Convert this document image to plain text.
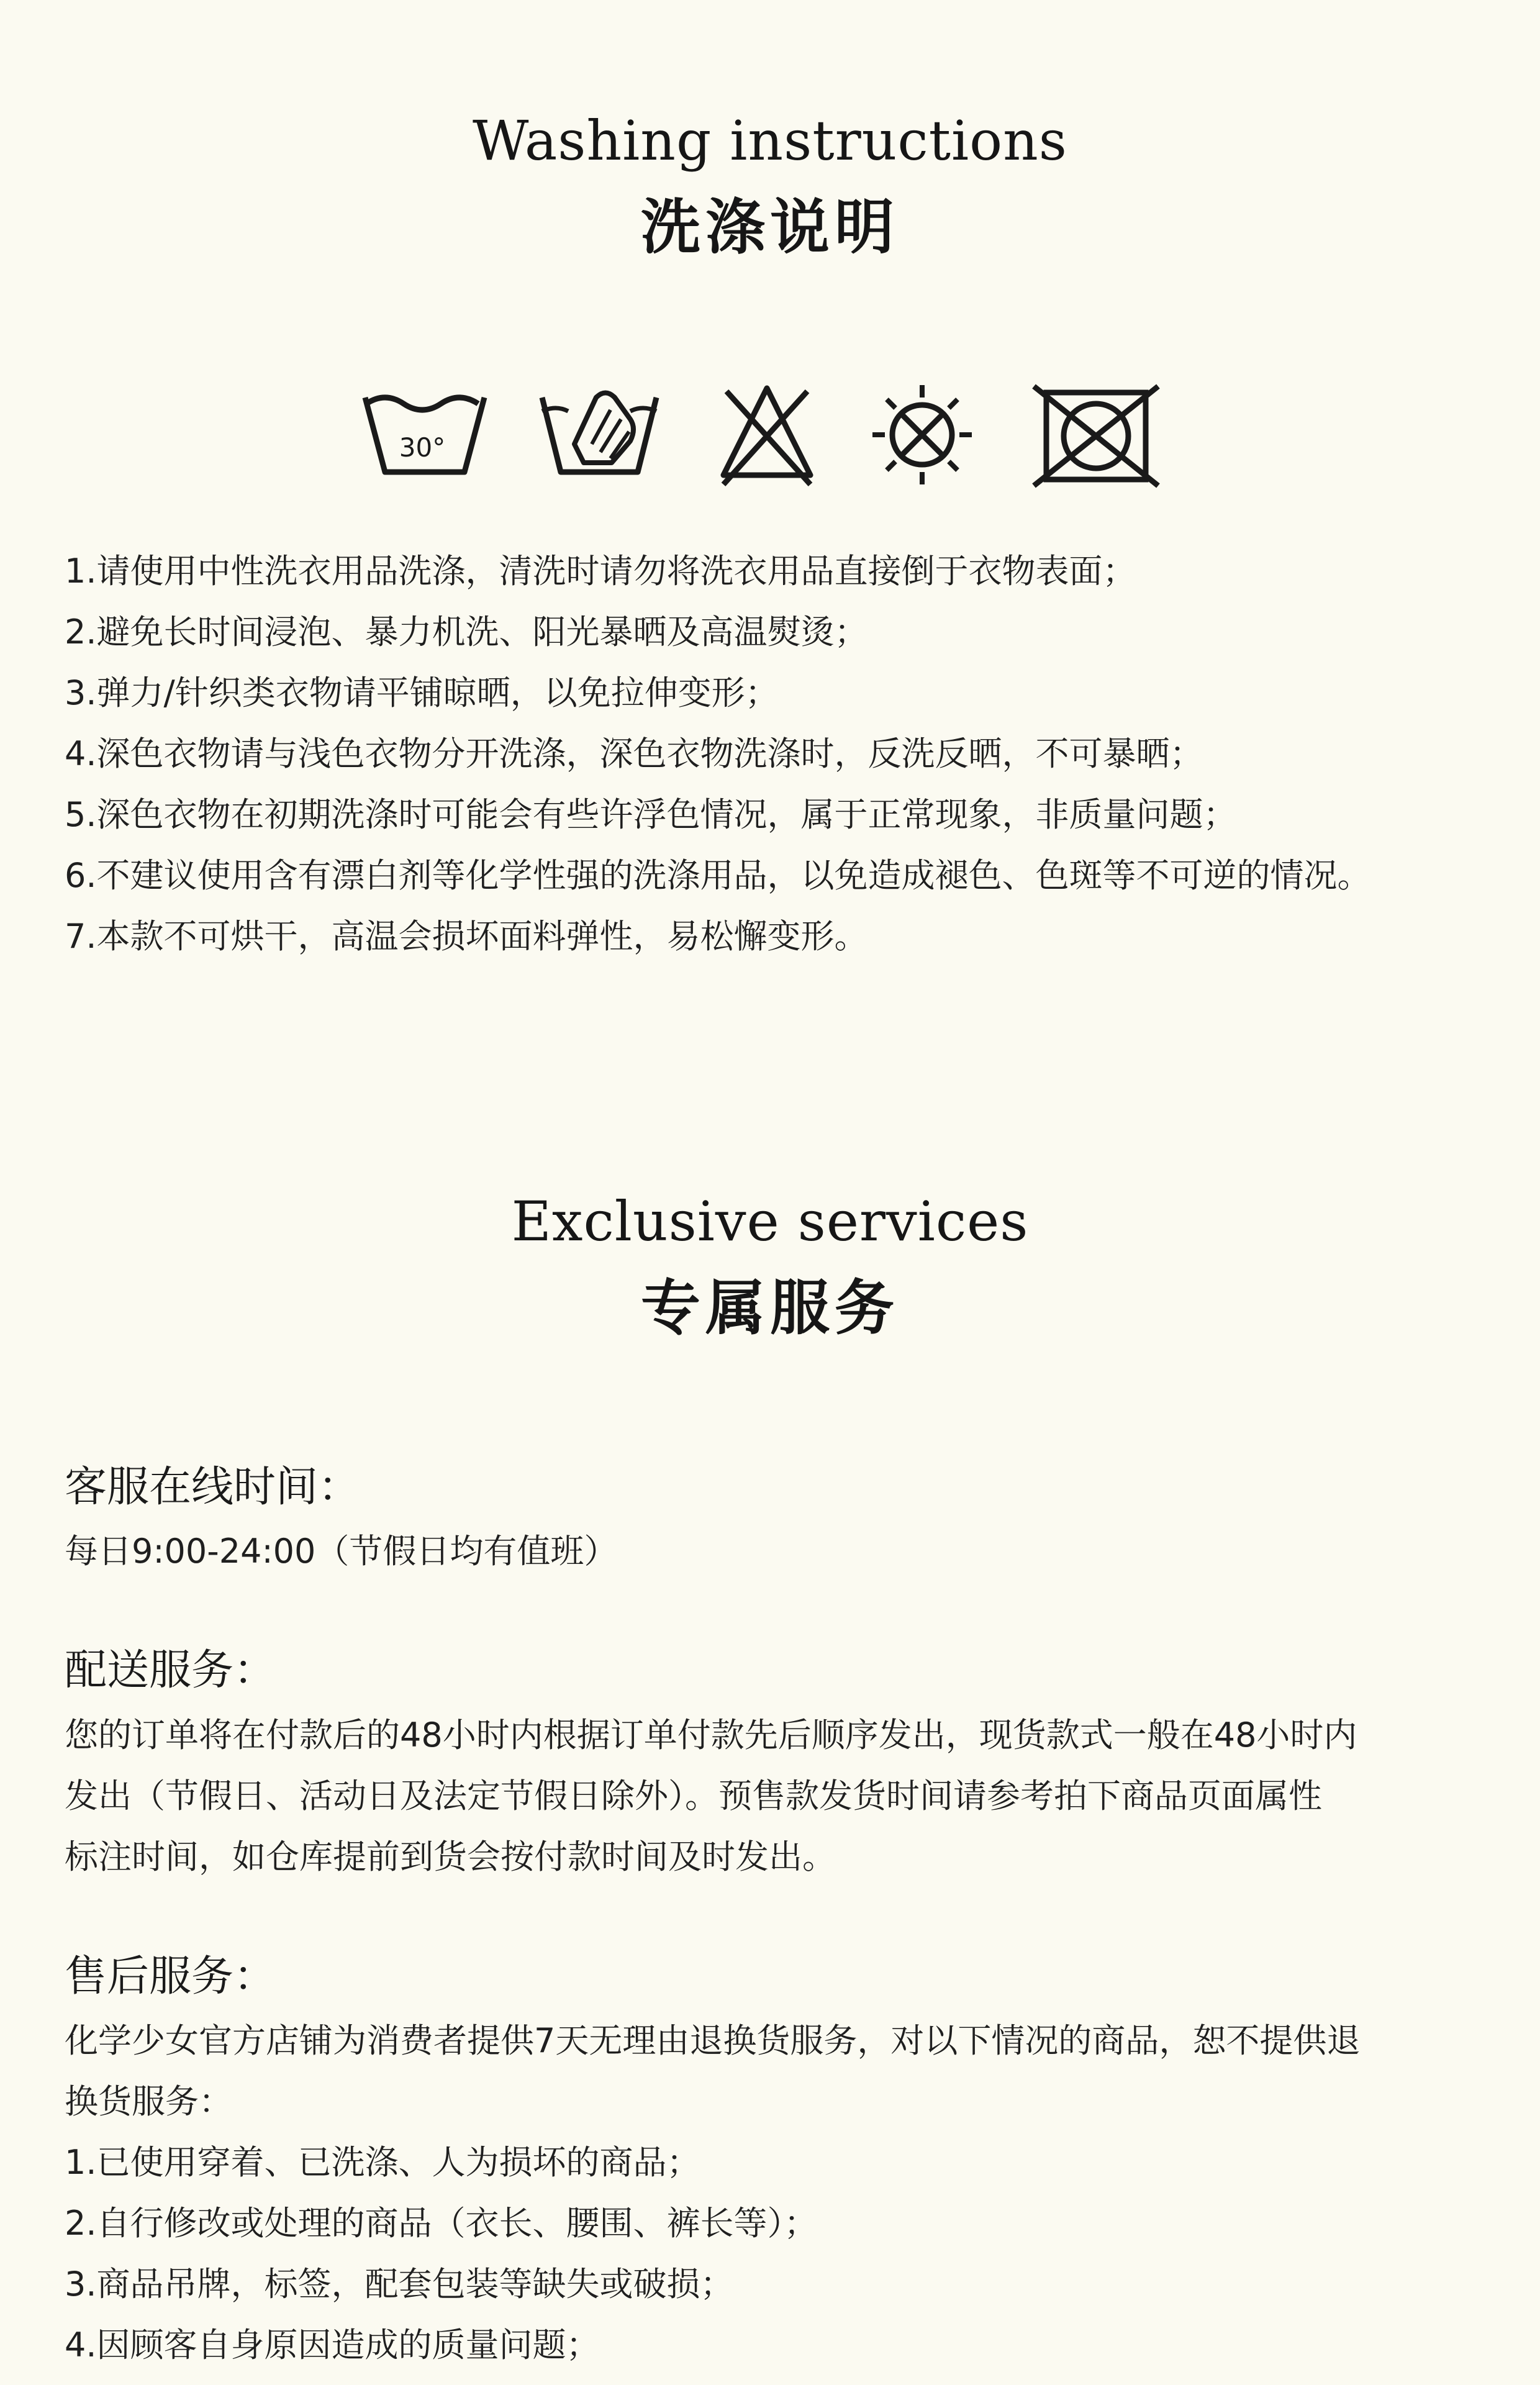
Washing instructions
洗涤说明
30°
1.请使用中性洗衣用品洗涤，清洗时请勿将洗衣用品直接倒于衣物表面；
2.避免长时间浸泡、暴力机洗、阳光暴晒及高温熨烫；
3.弹力/针织类衣物请平铺晾晒，以免拉伸变形；
4.深色衣物请与浅色衣物分开洗涤，深色衣物洗涤时，反洗反晒，不可暴晒；
5.深色衣物在初期洗涤时可能会有些许浮色情况，属于正常现象，非质量问题；
6.不建议使用含有漂白剂等化学性强的洗涤用品，以免造成褪色、色斑等不可逆的情况。
7.本款不可烘干，高温会损坏面料弹性，易松懈变形。
Exclusive services
专属服务
客服在线时间：
每日9:00-24:00（节假日均有值班）
配送服务：
您的订单将在付款后的48小时内根据订单付款先后顺序发出，现货款式一般在48小时内
发出（节假日、活动日及法定节假日除外）。预售款发货时间请参考拍下商品页面属性
标注时间，如仓库提前到货会按付款时间及时发出。
售后服务：
化学少女官方店铺为消费者提供7天无理由退换货服务，对以下情况的商品，恕不提供退
换货服务：
1.已使用穿着、已洗涤、人为损坏的商品；
2.自行修改或处理的商品（衣长、腰围、裤长等）；
3.商品吊牌，标签，配套包装等缺失或破损；
4.因顾客自身原因造成的质量问题；
